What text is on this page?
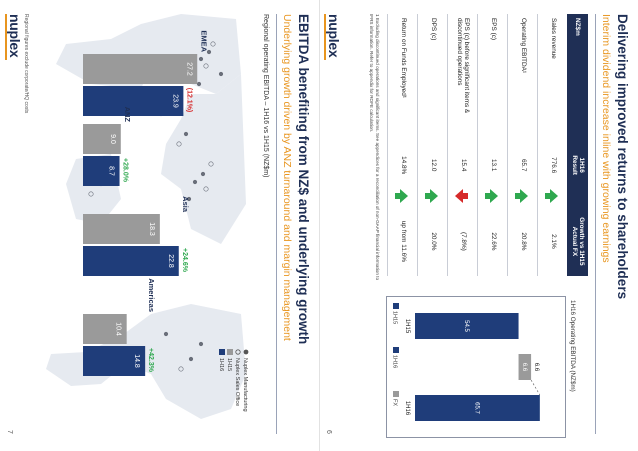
Delivering improved returns to shareholders
Interim dividend increase inline with growing earnings
NZ$m	1H16 Result		Growth vs 1H15 Actual FX
Sales revenue	776.6		2.1%
Operating EBITDA¹	65.7		20.8%
EPS (c)	13.1		22.6%
EPS (c) before significant items & discontinued operations	15.4		(7.8%)
DPS (c)	12.0		20.0%
Return on Funds Employed¹	14.8%		up from 11.6%
1 Excluding discontinued operations and significant items. See appendices for a reconciliation of non-GAAP financial information to IFRS information. Refer to appendix for ROFE calculation.
1H16 Operating EBITDA (NZ$m)
54.5
6.6
65.7
6.6
1H15
1H16
1H15
1H16
FX
nuplex
6
EBITDA benefiting from NZ$ and underlying growth
Underlying growth driven by ANZ turnaround and margin management
Regional operating EBITDA – 1H16 vs 1H15 (NZ$m)
27.2
23.9 (12.1%)
EMEA
9.0
8.7 +28.0%
ANZ
18.3
22.8 +24.6%
Asia
10.4
14.8 +42.3%
Americas
Nuplex Manufacturing
Nuplex Sales Office
1H15
1H16
Regional figures exclude corporate/HQ costs
nuplex
7
